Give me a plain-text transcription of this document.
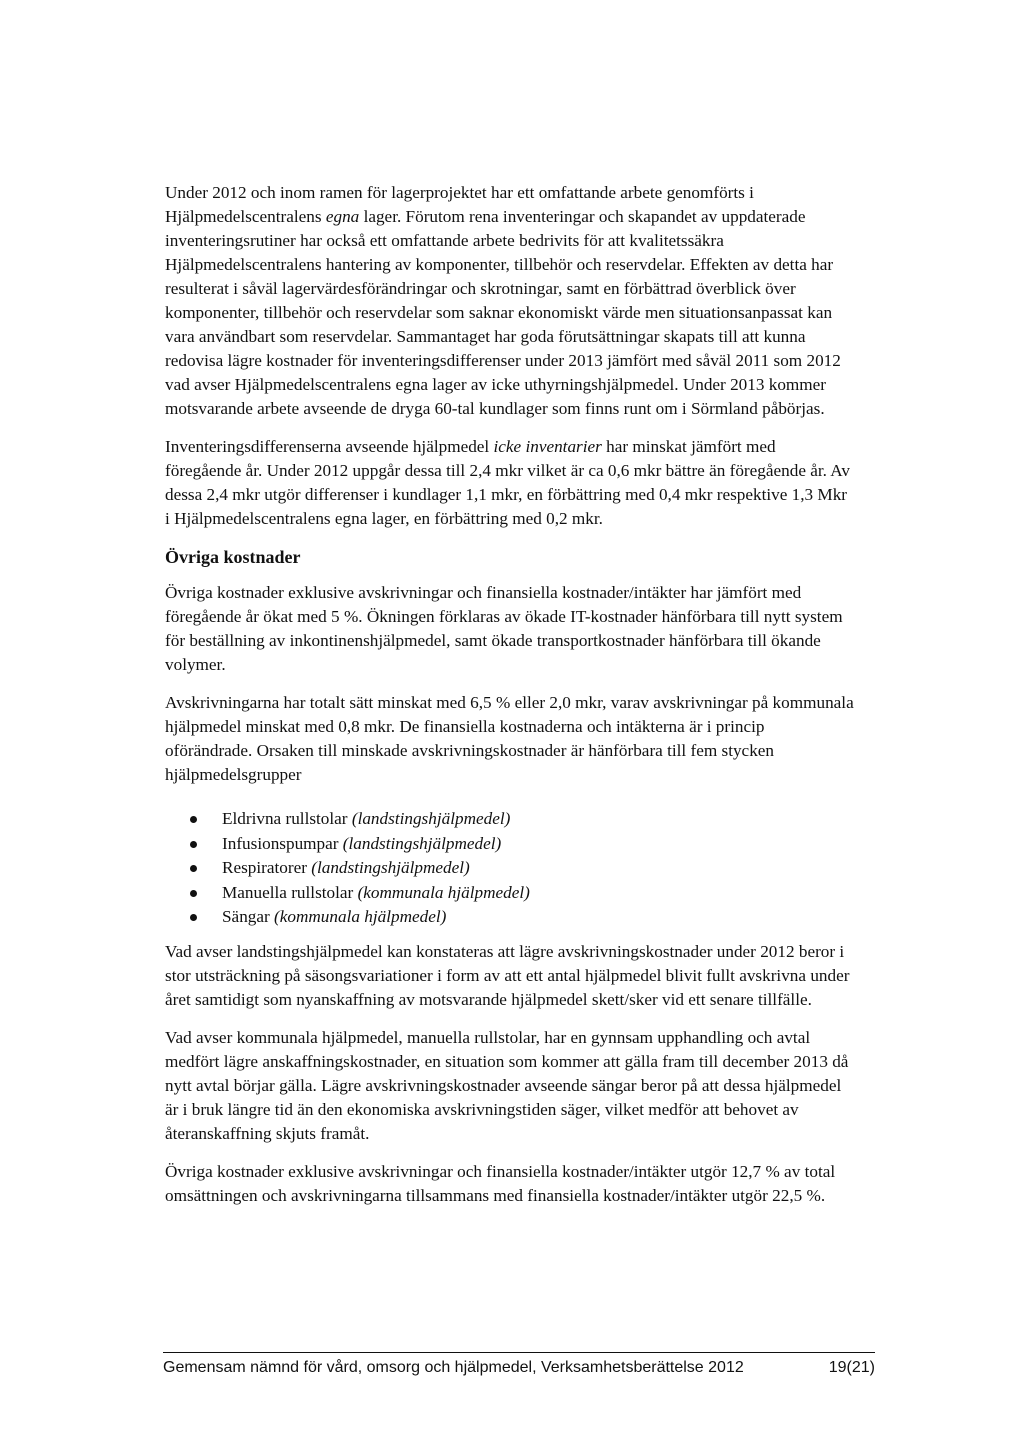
Under 2012 och inom ramen för lagerprojektet har ett omfattande arbete genomförts i Hjälpmedelscentralens egna lager. Förutom rena inventeringar och skapandet av uppdaterade inventeringsrutiner har också ett omfattande arbete bedrivits för att kvalitetssäkra Hjälpmedelscentralens hantering av komponenter, tillbehör och reservdelar. Effekten av detta har resulterat i såväl lagervärdesförändringar och skrotningar, samt en förbättrad överblick över komponenter, tillbehör och reservdelar som saknar ekonomiskt värde men situationsanpassat kan vara användbart som reservdelar. Sammantaget har goda förutsättningar skapats till att kunna redovisa lägre kostnader för inventeringsdifferenser under 2013 jämfört med såväl 2011 som 2012 vad avser Hjälpmedelscentralens egna lager av icke uthyrningshjälpmedel. Under 2013 kommer motsvarande arbete avseende de dryga 60-tal kundlager som finns runt om i Sörmland påbörjas.

Inventeringsdifferenserna avseende hjälpmedel icke inventarier har minskat jämfört med föregående år. Under 2012 uppgår dessa till 2,4 mkr vilket är ca 0,6 mkr bättre än föregående år. Av dessa 2,4 mkr utgör differenser i kundlager 1,1 mkr, en förbättring med 0,4 mkr respektive 1,3 Mkr i Hjälpmedelscentralens egna lager, en förbättring med 0,2 mkr.

Övriga kostnader

Övriga kostnader exklusive avskrivningar och finansiella kostnader/intäkter har jämfört med föregående år ökat med 5 %. Ökningen förklaras av ökade IT-kostnader hänförbara till nytt system för beställning av inkontinenshjälpmedel, samt ökade transportkostnader hänförbara till ökande volymer.

Avskrivningarna har totalt sätt minskat med 6,5 % eller 2,0 mkr, varav avskrivningar på kommunala hjälpmedel minskat med 0,8 mkr. De finansiella kostnaderna och intäkterna är i princip oförändrade. Orsaken till minskade avskrivningskostnader är hänförbara till fem stycken hjälpmedelsgrupper

Eldrivna rullstolar (landstingshjälpmedel)
Infusionspumpar (landstingshjälpmedel)
Respiratorer (landstingshjälpmedel)
Manuella rullstolar (kommunala hjälpmedel)
Sängar (kommunala hjälpmedel)

Vad avser landstingshjälpmedel kan konstateras att lägre avskrivningskostnader under 2012 beror i stor utsträckning på säsongsvariationer i form av att ett antal hjälpmedel blivit fullt avskrivna under året samtidigt som nyanskaffning av motsvarande hjälpmedel skett/sker vid ett senare tillfälle.

Vad avser kommunala hjälpmedel, manuella rullstolar, har en gynnsam upphandling och avtal medfört lägre anskaffningskostnader, en situation som kommer att gälla fram till december 2013 då nytt avtal börjar gälla. Lägre avskrivningskostnader avseende sängar beror på att dessa hjälpmedel är i bruk längre tid än den ekonomiska avskrivningstiden säger, vilket medför att behovet av återanskaffning skjuts framåt.

Övriga kostnader exklusive avskrivningar och finansiella kostnader/intäkter utgör 12,7 % av total omsättningen och avskrivningarna tillsammans med finansiella kostnader/intäkter utgör 22,5 %.

Gemensam nämnd för vård, omsorg och hjälpmedel, Verksamhetsberättelse 2012	19(21)
